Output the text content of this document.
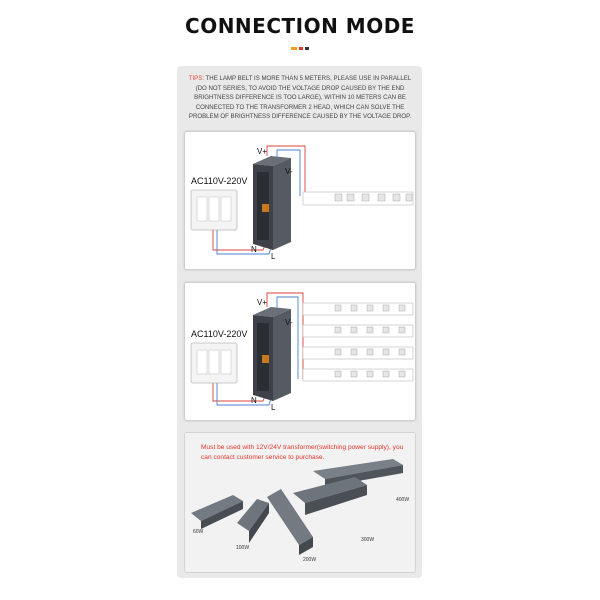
CONNECTION MODE
TIPS: THE LAMP BELT IS MORE THAN 5 METERS, PLEASE USE IN PARALLEL (DO NOT SERIES, TO AVOID THE VOLTAGE DROP CAUSED BY THE END BRIGHTNESS DIFFERENCE IS TOO LARGE), WITHIN 10 METERS CAN BE CONNECTED TO THE TRANSFORMER 2 HEAD, WHICH CAN SOLVE THE PROBLEM OF BRIGHTNESS DIFFERENCE CAUSED BY THE VOLTAGE DROP.
AC110V-220V
V+
V-
N
L
AC110V-220V
V+
V-
N
L
Must be used with 12V/24V transformer(switching power supply), you can contact customer service to purchase.
60W
100W
200W
300W
400W
